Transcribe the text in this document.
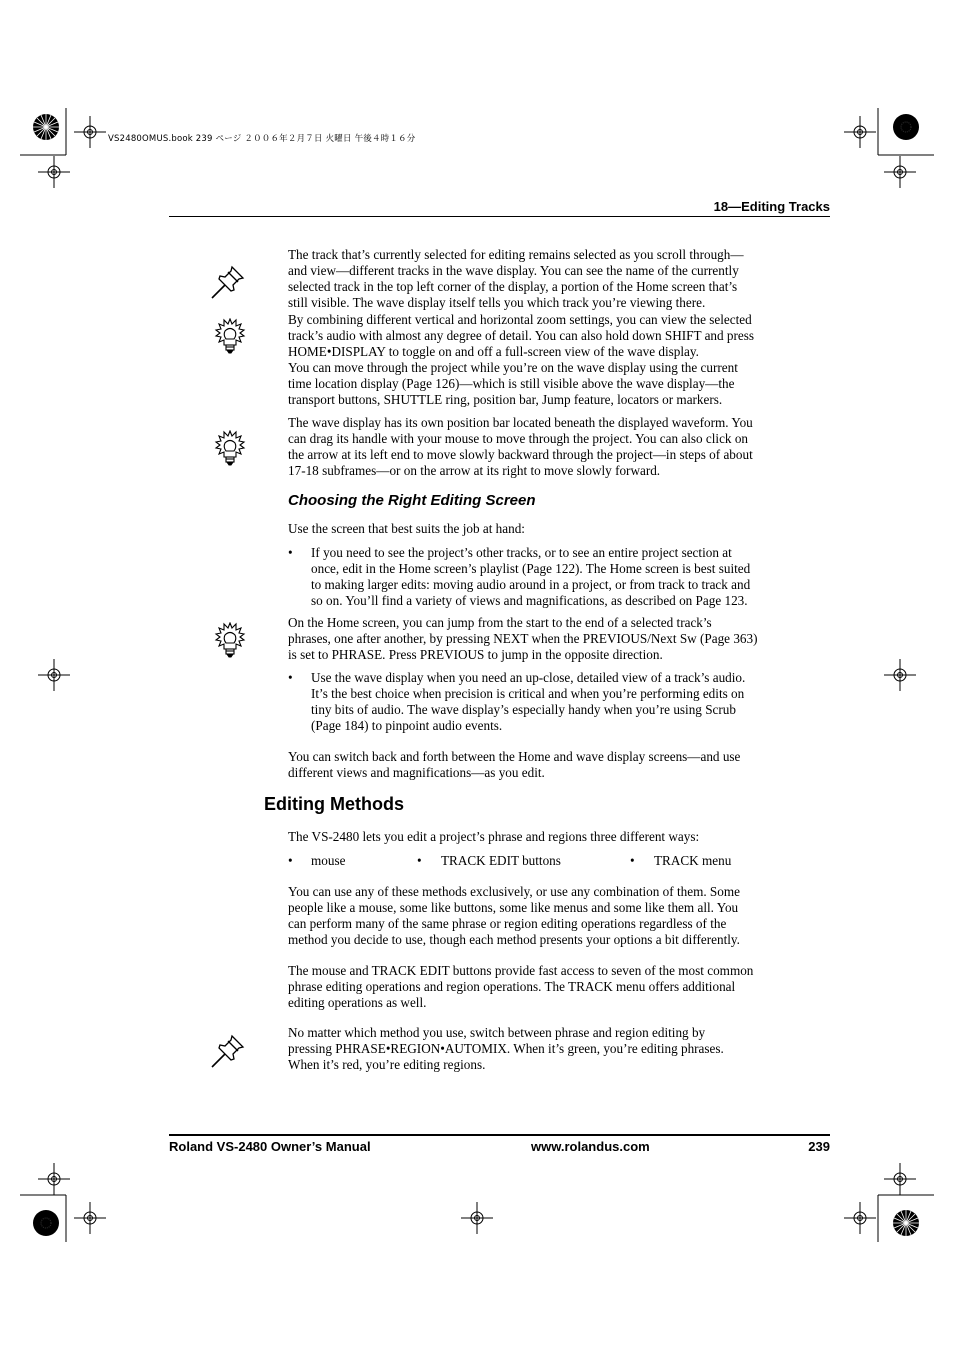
VS2480OMUS.book 239 ページ ２００６年２月７日 火曜日 午後４時１６分
18—Editing Tracks
The track that’s currently selected for editing remains selected as you scroll through—
and view—different tracks in the wave display. You can see the name of the currently
selected track in the top left corner of the display, a portion of the Home screen that’s
still visible. The wave display itself tells you which track you’re viewing there.
By combining different vertical and horizontal zoom settings, you can view the selected
track’s audio with almost any degree of detail. You can also hold down SHIFT and press
HOME•DISPLAY to toggle on and off a full-screen view of the wave display.
You can move through the project while you’re on the wave display using the current
time location display (Page 126)—which is still visible above the wave display—the
transport buttons, SHUTTLE ring, position bar, Jump feature, locators or markers.
The wave display has its own position bar located beneath the displayed waveform. You
can drag its handle with your mouse to move through the project. You can also click on
the arrow at its left end to move slowly backward through the project—in steps of about
17-18 subframes—or on the arrow at its right to move slowly forward.
Choosing the Right Editing Screen
Use the screen that best suits the job at hand:
• If you need to see the project’s other tracks, or to see an entire project section at
once, edit in the Home screen’s playlist (Page 122). The Home screen is best suited
to making larger edits: moving audio around in a project, or from track to track and
so on. You’ll find a variety of views and magnifications, as described on Page 123.
On the Home screen, you can jump from the start to the end of a selected track’s
phrases, one after another, by pressing NEXT when the PREVIOUS/Next Sw (Page 363)
is set to PHRASE. Press PREVIOUS to jump in the opposite direction.
• Use the wave display when you need an up-close, detailed view of a track’s audio.
It’s the best choice when precision is critical and when you’re performing edits on
tiny bits of audio. The wave display’s especially handy when you’re using Scrub
(Page 184) to pinpoint audio events.
You can switch back and forth between the Home and wave display screens—and use
different views and magnifications—as you edit.
Editing Methods
The VS-2480 lets you edit a project’s phrase and regions three different ways:
• mouse	• TRACK EDIT buttons	• TRACK menu
You can use any of these methods exclusively, or use any combination of them. Some
people like a mouse, some like buttons, some like menus and some like them all. You
can perform many of the same phrase or region editing operations regardless of the
method you decide to use, though each method presents your options a bit differently.
The mouse and TRACK EDIT buttons provide fast access to seven of the most common
phrase editing operations and region operations. The TRACK menu offers additional
editing operations as well.
No matter which method you use, switch between phrase and region editing by
pressing PHRASE•REGION•AUTOMIX. When it’s green, you’re editing phrases.
When it’s red, you’re editing regions.
Roland VS-2480 Owner’s Manual	www.rolandus.com	239
